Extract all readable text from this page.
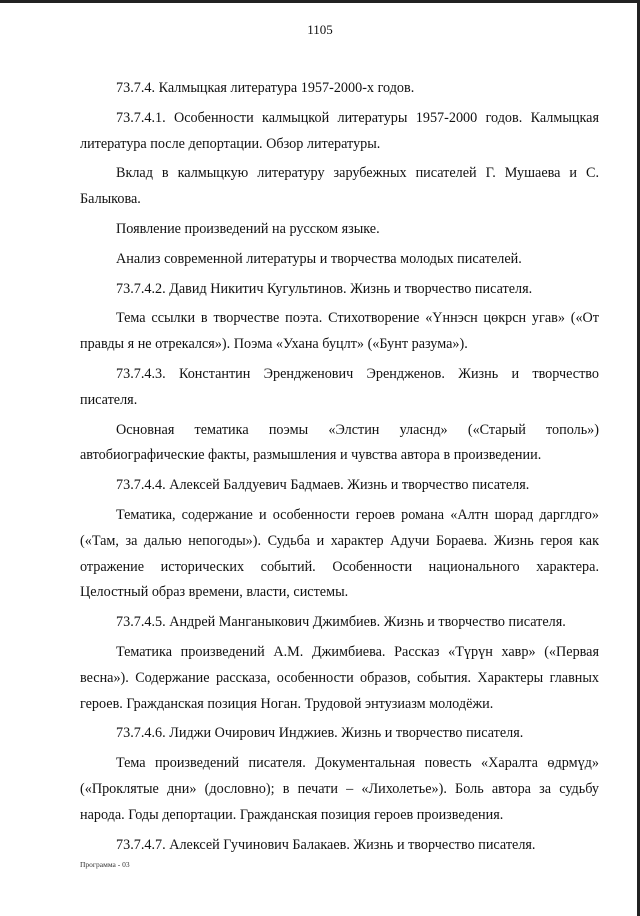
1105

73.7.4. Калмыцкая литература 1957-2000-х годов.

73.7.4.1. Особенности калмыцкой литературы 1957-2000 годов. Калмыцкая литература после депортации. Обзор литературы.

Вклад в калмыцкую литературу зарубежных писателей Г. Мушаева и С. Балыкова.

Появление произведений на русском языке.

Анализ современной литературы и творчества молодых писателей.

73.7.4.2. Давид Никитич Кугультинов. Жизнь и творчество писателя.

Тема ссылки в творчестве поэта. Стихотворение «Үннэсн цөкрсн угав» («От правды я не отрекался»). Поэма «Ухана буцлт» («Бунт разума»).

73.7.4.3. Константин Эрендженович Эрендженов. Жизнь и творчество писателя.

Основная тематика поэмы «Элстин уласнд» («Старый тополь») автобиографические факты, размышления и чувства автора в произведении.

73.7.4.4. Алексей Балдуевич Бадмаев. Жизнь и творчество писателя.

Тематика, содержание и особенности героев романа «Алтн шорад дарглдго» («Там, за далью непогоды»). Судьба и характер Адучи Бораева. Жизнь героя как отражение исторических событий. Особенности национального характера. Целостный образ времени, власти, системы.

73.7.4.5. Андрей Манганыкович Джимбиев. Жизнь и творчество писателя.

Тематика произведений А.М. Джимбиева. Рассказ «Түрүн хавр» («Первая весна»). Содержание рассказа, особенности образов, события. Характеры главных героев. Гражданская позиция Ноган. Трудовой энтузиазм молодёжи.

73.7.4.6. Лиджи Очирович Инджиев. Жизнь и творчество писателя.

Тема произведений писателя. Документальная повесть «Харалта өдрмүд» («Проклятые дни» (дословно); в печати – «Лихолетье»). Боль автора за судьбу народа. Годы депортации. Гражданская позиция героев произведения.

73.7.4.7. Алексей Гучинович Балакаев. Жизнь и творчество писателя.

Программа - 03
